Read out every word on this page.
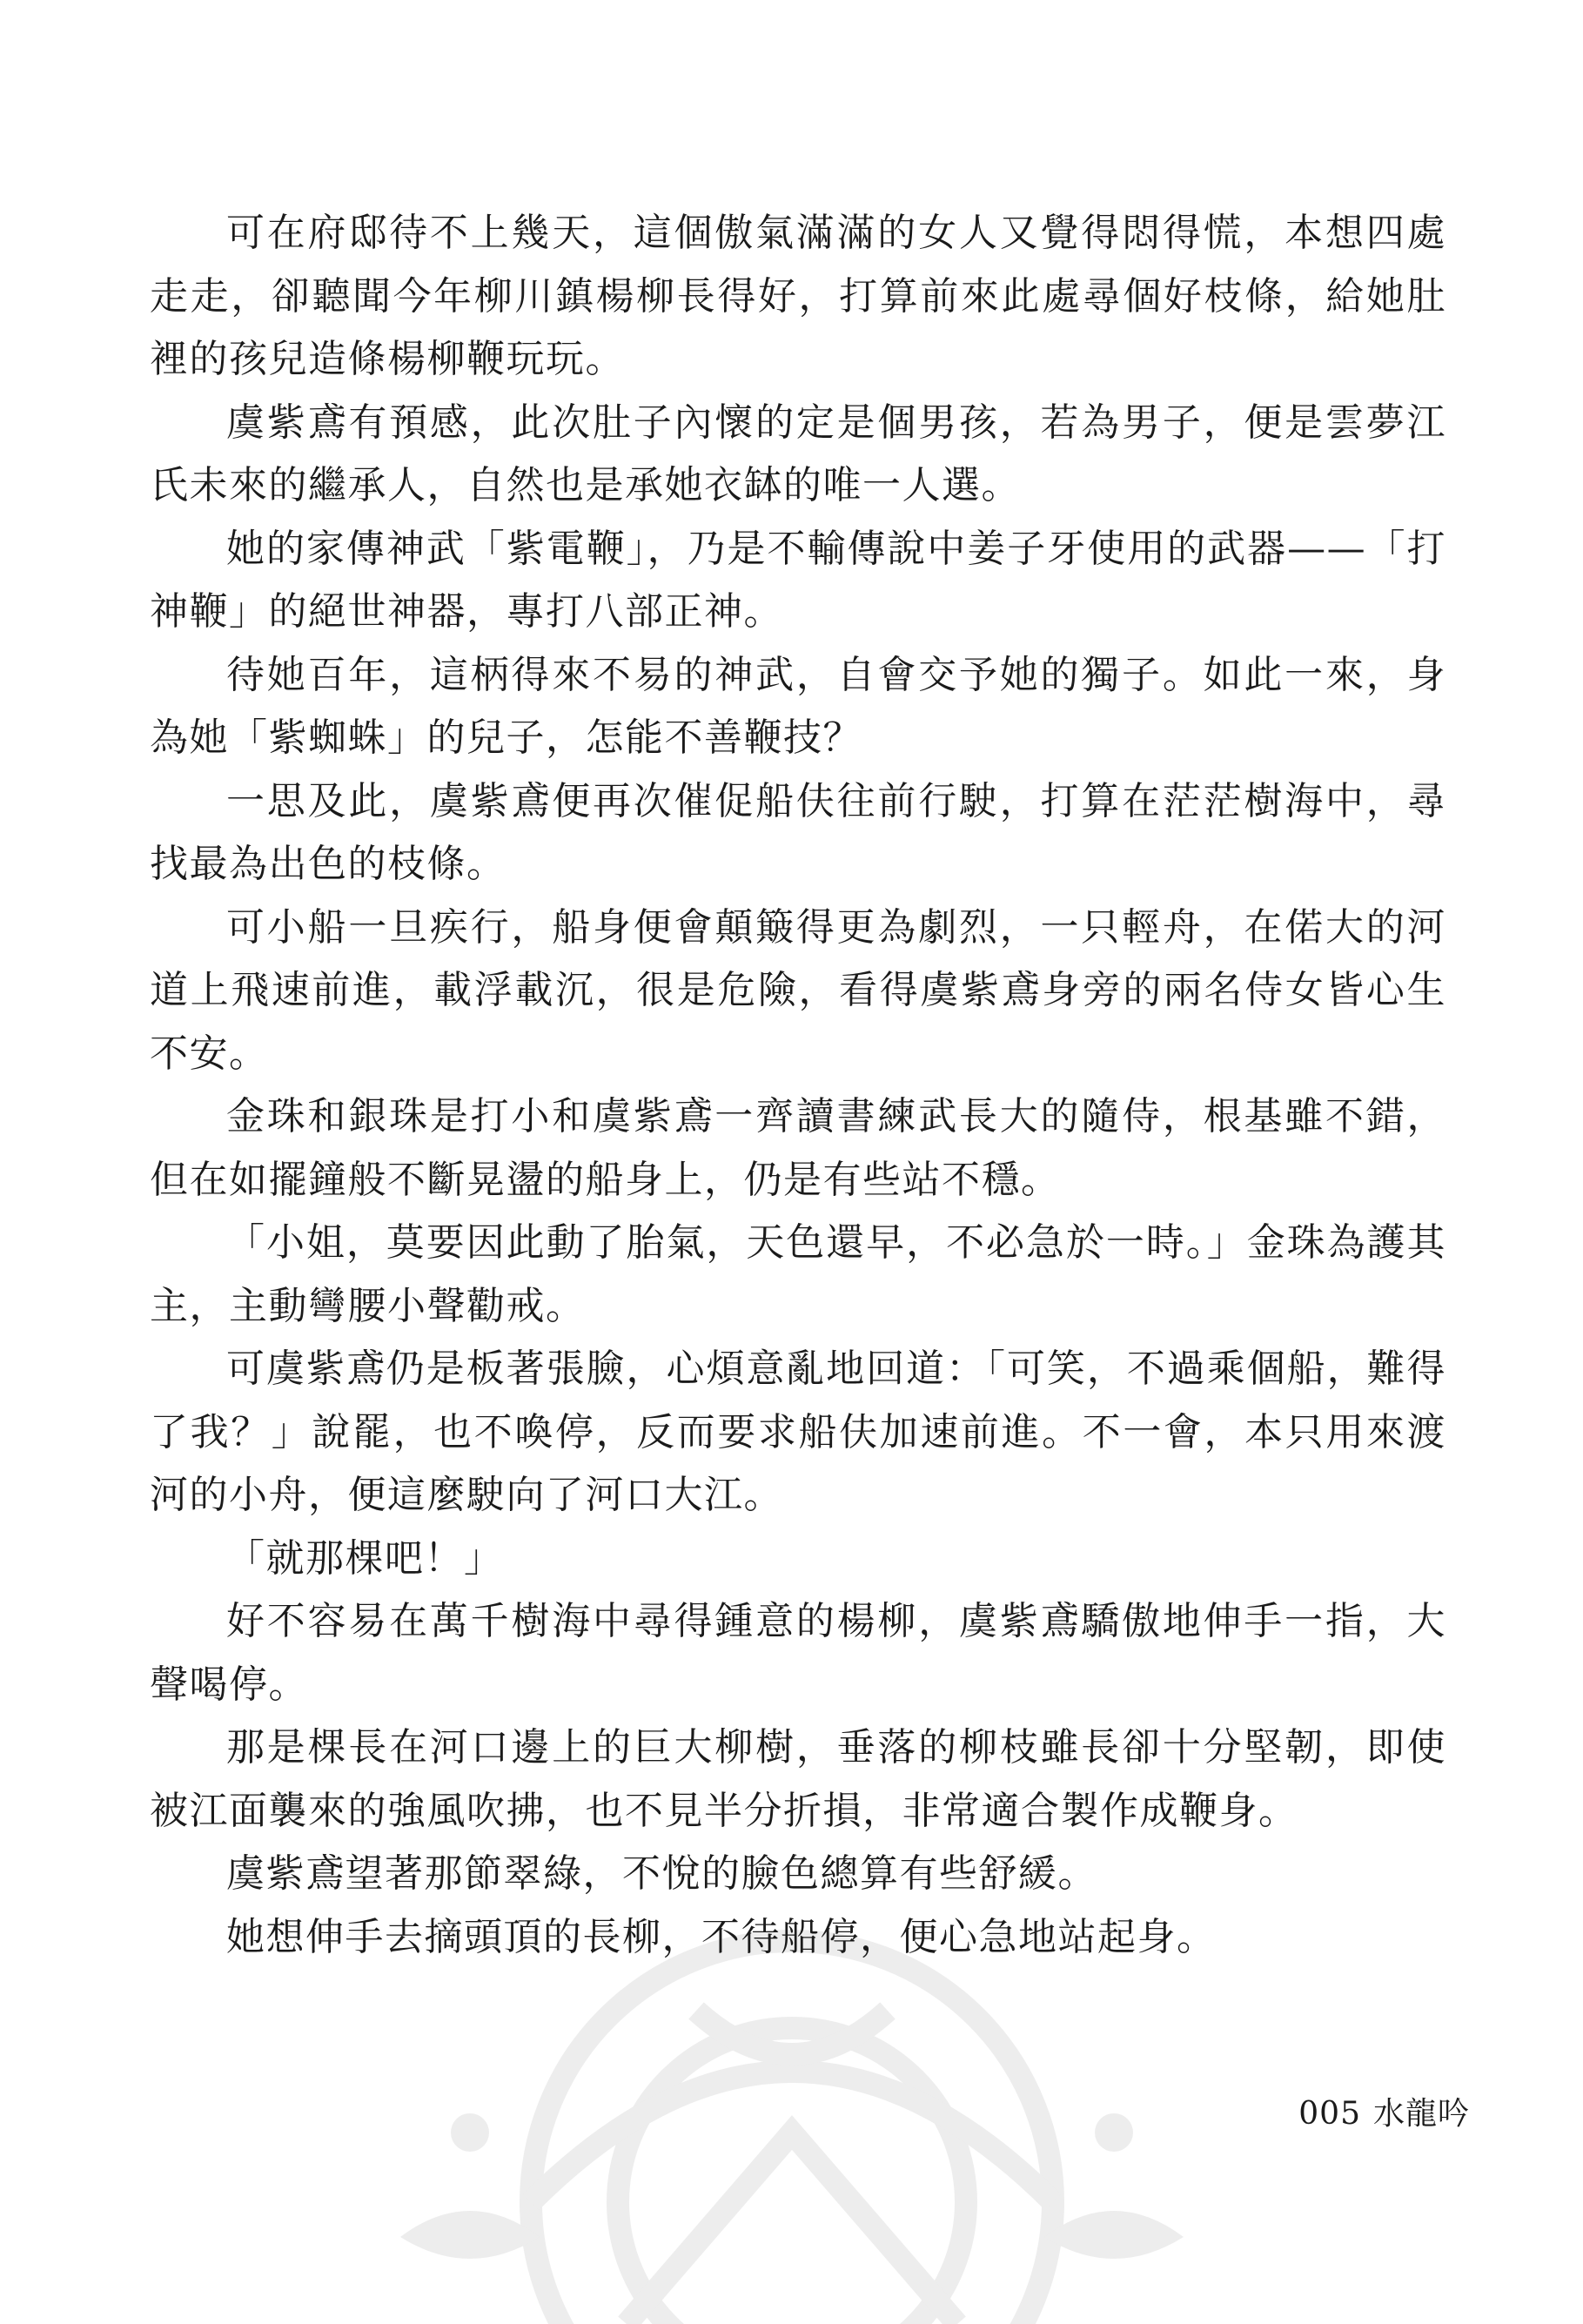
可在府邸待不上幾天，這個傲氣滿滿的女人又覺得悶得慌，本想四處走走，卻聽聞今年柳川鎮楊柳長得好，打算前來此處尋個好枝條，給她肚裡的孩兒造條楊柳鞭玩玩。

虞紫鳶有預感，此次肚子內懷的定是個男孩，若為男子，便是雲夢江氏未來的繼承人，自然也是承她衣缽的唯一人選。

她的家傳神武「紫電鞭」，乃是不輸傳說中姜子牙使用的武器——「打神鞭」的絕世神器，專打八部正神。

待她百年，這柄得來不易的神武，自會交予她的獨子。如此一來，身為她「紫蜘蛛」的兒子，怎能不善鞭技？

一思及此，虞紫鳶便再次催促船伕往前行駛，打算在茫茫樹海中，尋找最為出色的枝條。

可小船一旦疾行，船身便會顛簸得更為劇烈，一只輕舟，在偌大的河道上飛速前進，載浮載沉，很是危險，看得虞紫鳶身旁的兩名侍女皆心生不安。

金珠和銀珠是打小和虞紫鳶一齊讀書練武長大的隨侍，根基雖不錯，但在如擺鐘般不斷晃盪的船身上，仍是有些站不穩。

「小姐，莫要因此動了胎氣，天色還早，不必急於一時。」金珠為護其主，主動彎腰小聲勸戒。

可虞紫鳶仍是板著張臉，心煩意亂地回道：「可笑，不過乘個船，難得了我？」說罷，也不喚停，反而要求船伕加速前進。不一會，本只用來渡河的小舟，便這麼駛向了河口大江。

「就那棵吧！」

好不容易在萬千樹海中尋得鍾意的楊柳，虞紫鳶驕傲地伸手一指，大聲喝停。

那是棵長在河口邊上的巨大柳樹，垂落的柳枝雖長卻十分堅韌，即使被江面襲來的強風吹拂，也不見半分折損，非常適合製作成鞭身。

虞紫鳶望著那節翠綠，不悅的臉色總算有些舒緩。

她想伸手去摘頭頂的長柳，不待船停，便心急地站起身。

005 水龍吟
